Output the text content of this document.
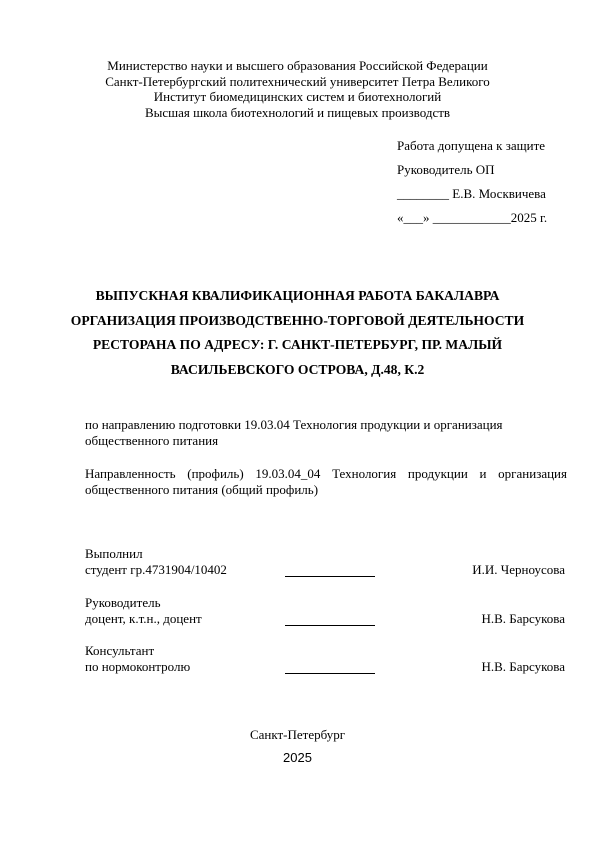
Министерство науки и высшего образования Российской Федерации
Санкт-Петербургский политехнический университет Петра Великого
Институт биомедицинских систем и биотехнологий
Высшая школа биотехнологий и пищевых производств
Работа допущена к защите
Руководитель ОП
________ Е.В. Москвичева
«___» ____________2025 г.
ВЫПУСКНАЯ КВАЛИФИКАЦИОННАЯ РАБОТА БАКАЛАВРА
ОРГАНИЗАЦИЯ ПРОИЗВОДСТВЕННО-ТОРГОВОЙ ДЕЯТЕЛЬНОСТИ
РЕСТОРАНА ПО АДРЕСУ: Г. САНКТ-ПЕТЕРБУРГ, ПР. МАЛЫЙ
ВАСИЛЬЕВСКОГО ОСТРОВА, Д.48, К.2
по направлению подготовки 19.03.04 Технология продукции и организация общественного питания
Направленность (профиль) 19.03.04_04 Технология продукции и организация общественного питания (общий профиль)
Выполнил
студент гр.4731904/10402	И.И. Черноусова
Руководитель
доцент, к.т.н., доцент	Н.В. Барсукова
Консультант
по нормоконтролю	Н.В. Барсукова
Санкт-Петербург
2025
